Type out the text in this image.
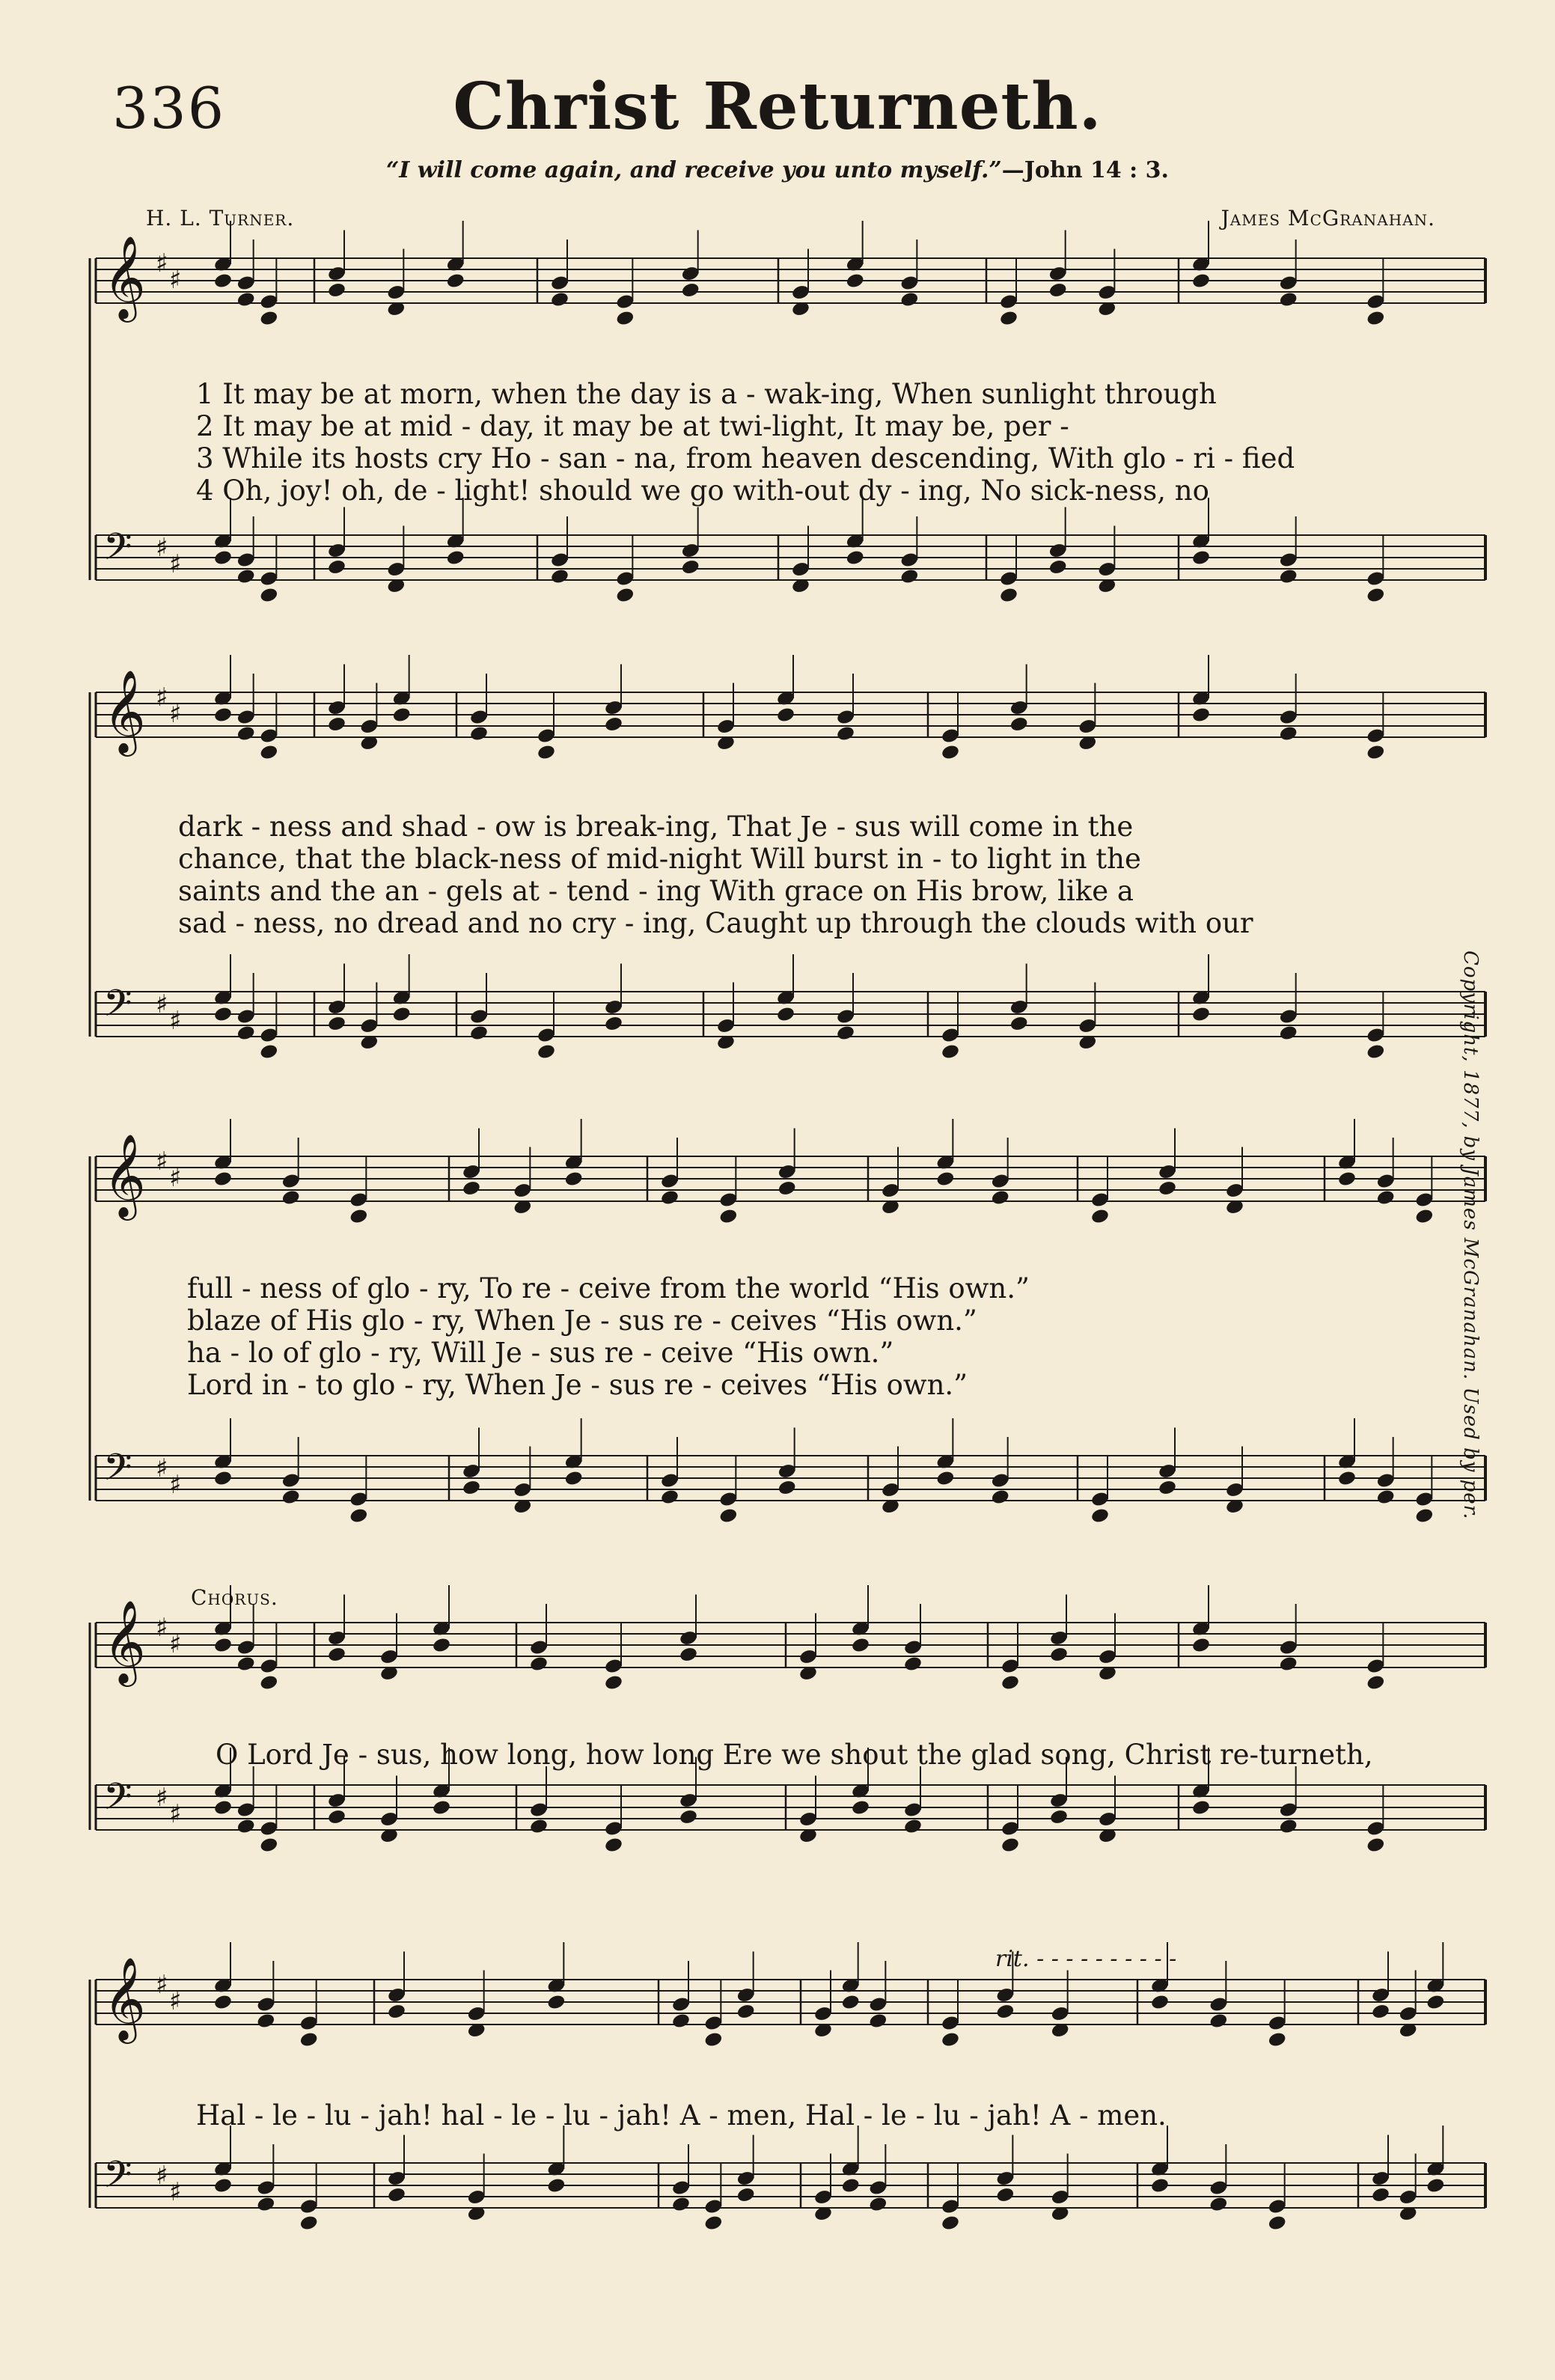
336	Christ Returneth.
“I will come again, and receive you unto myself.”—John 14 : 3.
H. L. Turner.	James McGranahan.
Copyright, 1877, by James McGranahan. Used by per.
𝄞 ♯
♯
𝄢 ♯
♯
𝄞 ♯
♯
𝄢 ♯
♯
𝄞 ♯
♯
𝄢 ♯
♯
𝄞 ♯
♯
𝄢 ♯
♯
𝄞 ♯
♯
𝄢 ♯
♯
1 It may be at morn, when the day is a - wak-ing, When sunlight through
2 It may be at mid - day, it may be at twi-light, It may be, per -
3 While its hosts cry Ho - san - na, from heaven descending, With glo - ri - fied
4 Oh, joy! oh, de - light! should we go with-out dy - ing, No sick-ness, no
dark - ness and shad - ow is break-ing, That Je - sus will come in the
chance, that the black-ness of mid-night Will burst in - to light in the
saints and the an - gels at - tend - ing With grace on His brow, like a
sad - ness, no dread and no cry - ing, Caught up through the clouds with our
full - ness of glo - ry, To re - ceive from the world “His own.”
blaze of His glo - ry, When Je - sus re - ceives “His own.”
ha - lo of glo - ry, Will Je - sus re - ceive “His own.”
Lord in - to glo - ry, When Je - sus re - ceives “His own.”
Chorus.
O Lord Je - sus, how long, how long Ere we shout the glad song, Christ re-turneth,
rit. - - - - - - - - - -
Hal - le - lu - jah! hal - le - lu - jah! A - men, Hal - le - lu - jah! A - men.
